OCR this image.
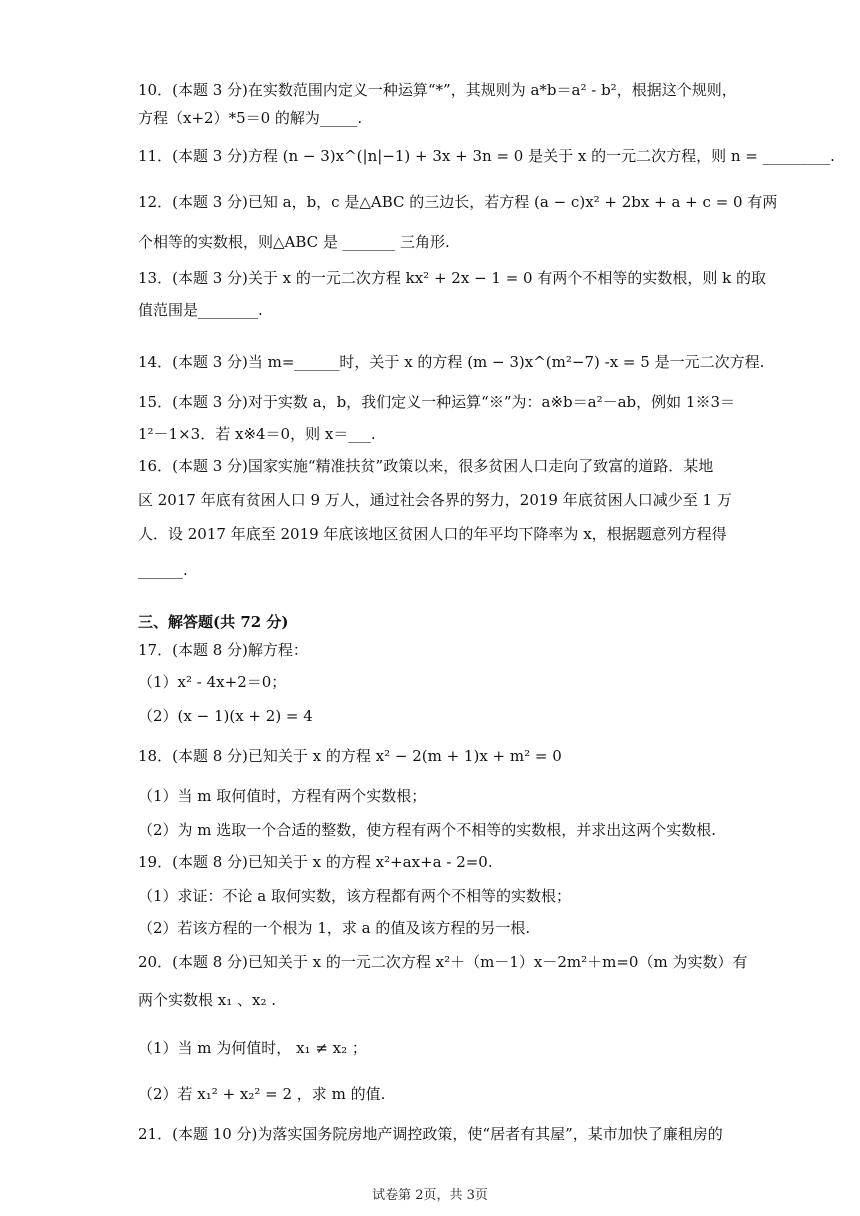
10．(本题 3 分)在实数范围内定义一种运算“*”，其规则为 a*b＝a² - b²，根据这个规则，
方程（x+2）*5＝0 的解为_____.
11．(本题 3 分)方程 (n − 3)x^(|n|−1) + 3x + 3n = 0 是关于 x 的一元二次方程，则 n = _________.
12．(本题 3 分)已知 a，b，c 是△ABC 的三边长，若方程 (a − c)x² + 2bx + a + c = 0 有两
个相等的实数根，则△ABC 是 _______ 三角形.
13．(本题 3 分)关于 x 的一元二次方程 kx² + 2x − 1 = 0 有两个不相等的实数根，则 k 的取
值范围是________.
14．(本题 3 分)当 m=______时，关于 x 的方程 (m − 3)x^(m²−7) -x = 5 是一元二次方程.
15．(本题 3 分)对于实数 a，b，我们定义一种运算“※”为：a※b＝a²－ab，例如 1※3＝
1²－1×3．若 x※4＝0，则 x＝___.
16．(本题 3 分)国家实施“精准扶贫”政策以来，很多贫困人口走向了致富的道路．某地
区 2017 年底有贫困人口 9 万人，通过社会各界的努力，2019 年底贫困人口减少至 1 万
人．设 2017 年底至 2019 年底该地区贫困人口的年平均下降率为 x，根据题意列方程得
______.
三、解答题(共 72 分)
17．(本题 8 分)解方程：
（1）x² - 4x+2＝0；
（2）(x − 1)(x + 2) = 4
18．(本题 8 分)已知关于 x 的方程 x² − 2(m + 1)x + m² = 0
（1）当 m 取何值时，方程有两个实数根；
（2）为 m 选取一个合适的整数，使方程有两个不相等的实数根，并求出这两个实数根.
19．(本题 8 分)已知关于 x 的方程 x²+ax+a - 2=0.
（1）求证：不论 a 取何实数，该方程都有两个不相等的实数根；
（2）若该方程的一个根为 1，求 a 的值及该方程的另一根.
20．(本题 8 分)已知关于 x 的一元二次方程 x²＋（m－1）x－2m²＋m=0（m 为实数）有
两个实数根 x₁ 、x₂ .
（1）当 m 为何值时， x₁ ≠ x₂ ；
（2）若 x₁² + x₂² = 2 ，求 m 的值.
21．(本题 10 分)为落实国务院房地产调控政策，使“居者有其屋”，某市加快了廉租房的
试卷第 2页，共 3页
